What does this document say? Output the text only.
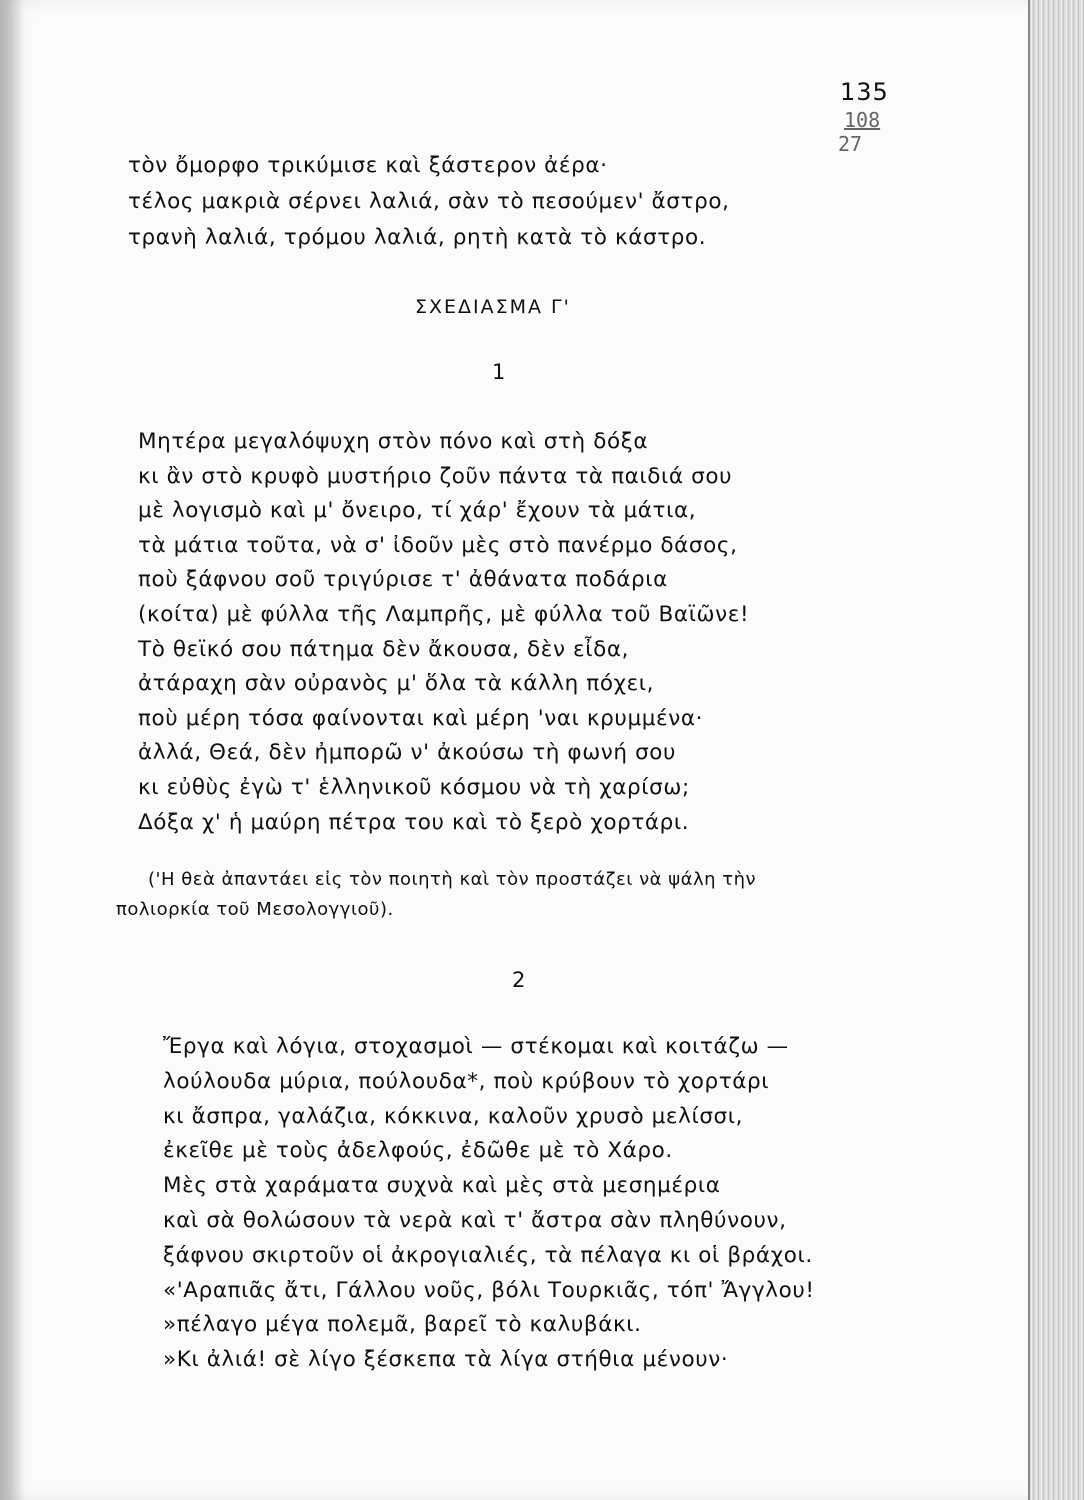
135
108
27
τὸν ὄμορφο τρικύμισε καὶ ξάστερον ἀέρα·
τέλος μακριὰ σέρνει λαλιά, σὰν τὸ πεσούμεν' ἄστρο,
τρανὴ λαλιά, τρόμου λαλιά, ρητὴ κατὰ τὸ κάστρο.
ΣΧΕΔΙΑΣΜΑ Γ'
1
Μητέρα μεγαλόψυχη στὸν πόνο καὶ στὴ δόξα
κι ἂν στὸ κρυφὸ μυστήριο ζοῦν πάντα τὰ παιδιά σου
μὲ λογισμὸ καὶ μ' ὄνειρο, τί χάρ' ἔχουν τὰ μάτια,
τὰ μάτια τοῦτα, νὰ σ' ἰδοῦν μὲς στὸ πανέρμο δάσος,
ποὺ ξάφνου σοῦ τριγύρισε τ' ἀθάνατα ποδάρια
(κοίτα) μὲ φύλλα τῆς Λαμπρῆς, μὲ φύλλα τοῦ Βαϊῶνε!
Τὸ θεϊκό σου πάτημα δὲν ἄκουσα, δὲν εἶδα,
ἀτάραχη σὰν οὐρανὸς μ' ὅλα τὰ κάλλη πόχει,
ποὺ μέρη τόσα φαίνονται καὶ μέρη 'ναι κρυμμένα·
ἀλλά, Θεά, δὲν ἠμπορῶ ν' ἀκούσω τὴ φωνή σου
κι εὐθὺς ἐγὼ τ' ἑλληνικοῦ κόσμου νὰ τὴ χαρίσω;
Δόξα χ' ἡ μαύρη πέτρα του καὶ τὸ ξερὸ χορτάρι.
('Η θεὰ ἀπαντάει εἰς τὸν ποιητὴ καὶ τὸν προστάζει νὰ ψάλη τὴν
πολιορκία τοῦ Μεσολογγιοῦ).
2
Ἔργα καὶ λόγια, στοχασμοὶ — στέκομαι καὶ κοιτάζω —
λούλουδα μύρια, πούλουδα*, ποὺ κρύβουν τὸ χορτάρι
κι ἄσπρα, γαλάζια, κόκκινα, καλοῦν χρυσὸ μελίσσι,
ἐκεῖθε μὲ τοὺς ἀδελφούς, ἐδῶθε μὲ τὸ Χάρο.
Μὲς στὰ χαράματα συχνὰ καὶ μὲς στὰ μεσημέρια
καὶ σὰ θολώσουν τὰ νερὰ καὶ τ' ἄστρα σὰν πληθύνουν,
ξάφνου σκιρτοῦν οἱ ἀκρογιαλιές, τὰ πέλαγα κι οἱ βράχοι.
«'Αραπιᾶς ἄτι, Γάλλου νοῦς, βόλι Τουρκιᾶς, τόπ' Ἄγγλου!
»πέλαγο μέγα πολεμᾶ, βαρεῖ τὸ καλυβάκι.
»Κι ἀλιά! σὲ λίγο ξέσκεπα τὰ λίγα στήθια μένουν·
